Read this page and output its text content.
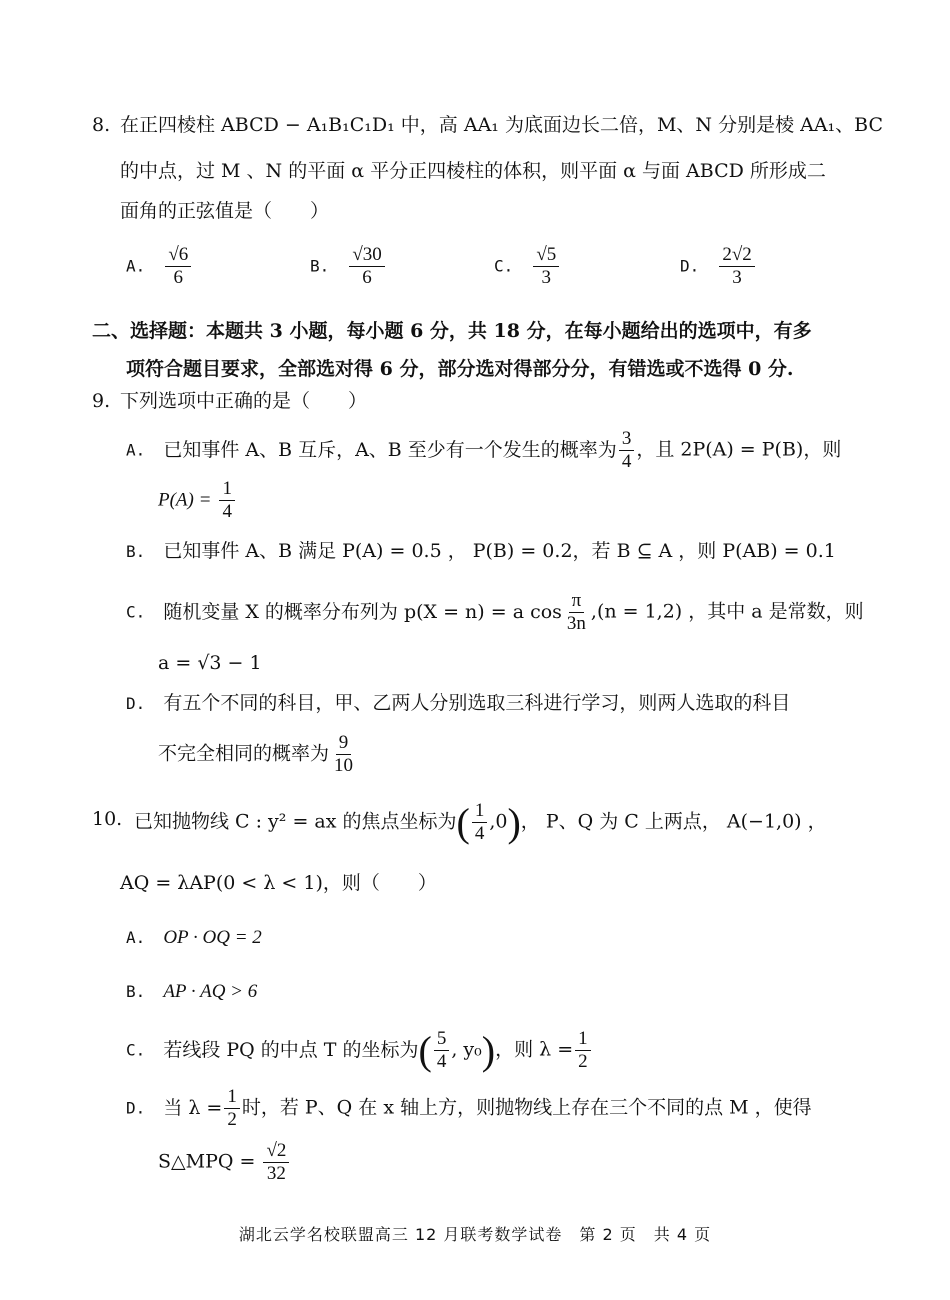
8. 在正四棱柱 ABCD − A₁B₁C₁D₁ 中，高 AA₁ 为底面边长二倍，M、N 分别是棱 AA₁、BC
的中点，过 M 、N 的平面 α 平分正四棱柱的体积，则平面 α 与面 ABCD 所形成二
面角的正弦值是（　　）
A. $\frac{√6}{6}$	B. $\frac{√30}{6}$	C. $\frac{√5}{3}$	D. $\frac{2√2}{3}$
二、选择题：本题共 3 小题，每小题 6 分，共 18 分，在每小题给出的选项中，有多
项符合题目要求，全部选对得 6 分，部分选对得部分分，有错选或不选得 0 分.
9. 下列选项中正确的是（　　）
A. 已知事件 A、B 互斥，A、B 至少有一个发生的概率为 $\frac{3}{4}$ ，且 2P(A) = P(B)，则
$P(A) = \frac{1}{4}$
B. 已知事件 A、B 满足 P(A) = 0.5 ， P(B) = 0.2，若 B ⊆ A ，则 P(AB) = 0.1
C. 随机变量 X 的概率分布列为 p(X = n) = a $\cos \frac{\pi}{3n} ,(n = 1,2)$ ，其中 a 是常数，则
a = √3 − 1
D. 有五个不同的科目，甲、乙两人分别选取三科进行学习，则两人选取的科目
不完全相同的概率为 $\frac{9}{10}$
10. 已知抛物线 C : y² = ax 的焦点坐标为( $\frac{1}{4} ,0$)， P、Q 为 C 上两点， A(−1,0) ，
AQ = λAP(0 < λ < 1)，则（　　）
A. OP · OQ = 2
B. AP · AQ > 6
C. 若线段 PQ 的中点 T 的坐标为( $\frac{5}{4}$ , y₀)，则 $\lambda = \frac{1}{2}$
D. 当 $\lambda = \frac{1}{2}$ 时，若 P、Q 在 x 轴上方，则抛物线上存在三个不同的点 M ，使得
S△MPQ = $\frac{√2}{32}$
湖北云学名校联盟高三 12 月联考数学试卷　第 2 页　共 4 页
